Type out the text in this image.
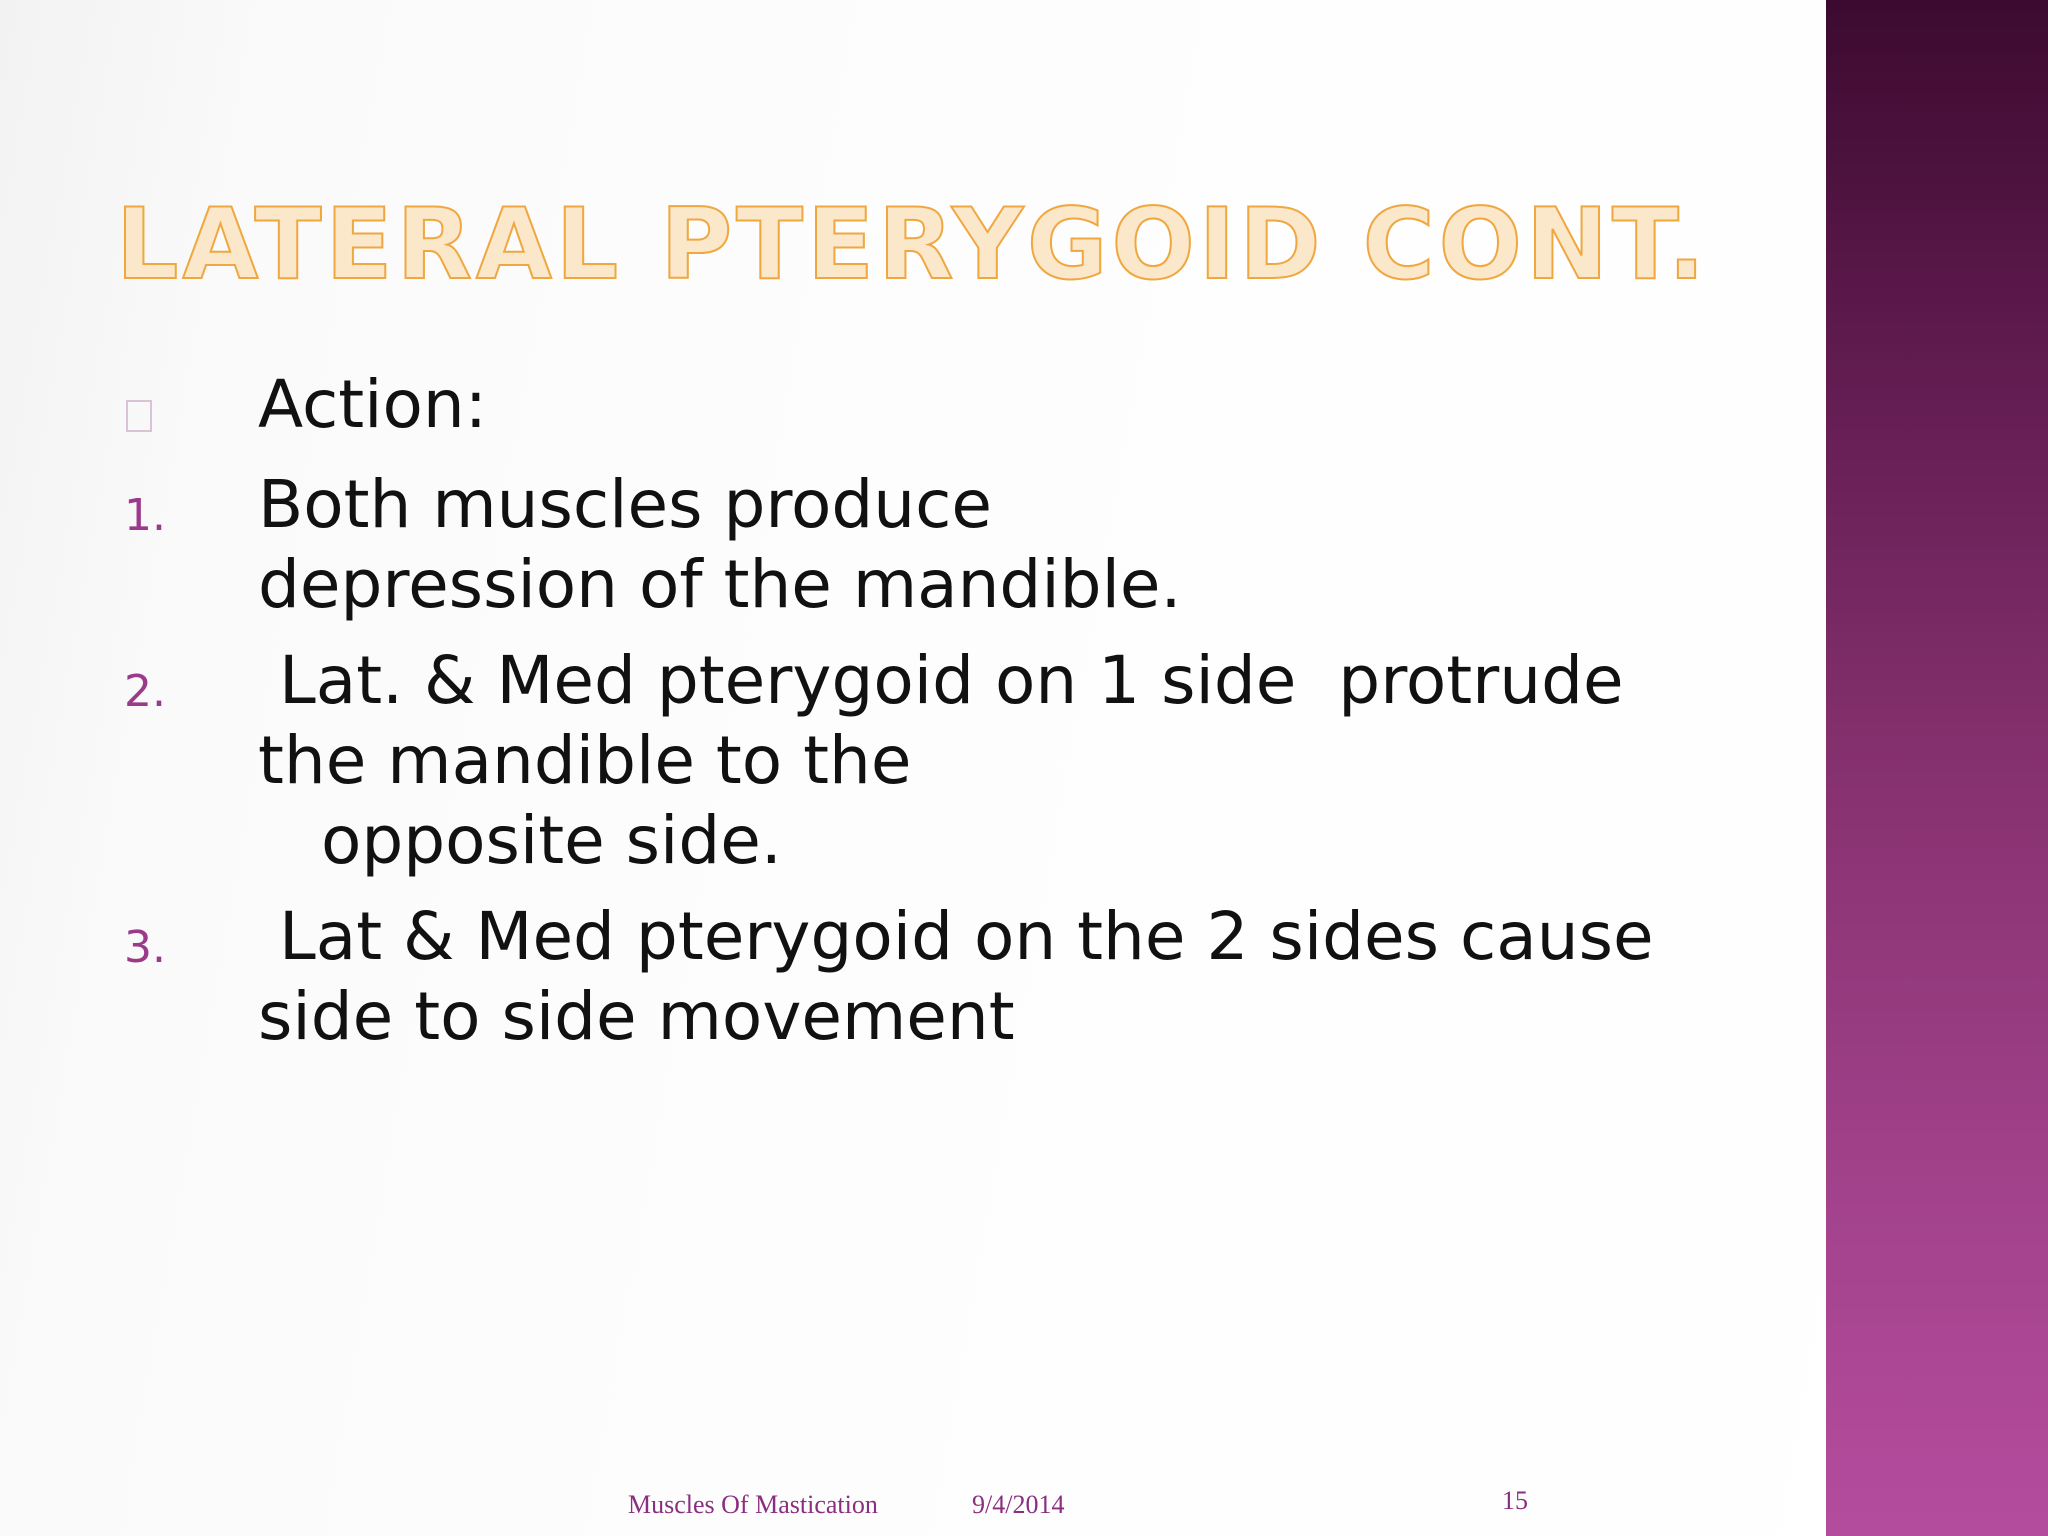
LATERAL PTERYGOID CONT.
Action:
1. Both muscles produce
depression of the mandible.
2. Lat. & Med pterygoid on 1 side  protrude
the mandible to the
opposite side.
3. Lat & Med pterygoid on the 2 sides cause
side to side movement
Muscles Of Mastication	9/4/2014	15
